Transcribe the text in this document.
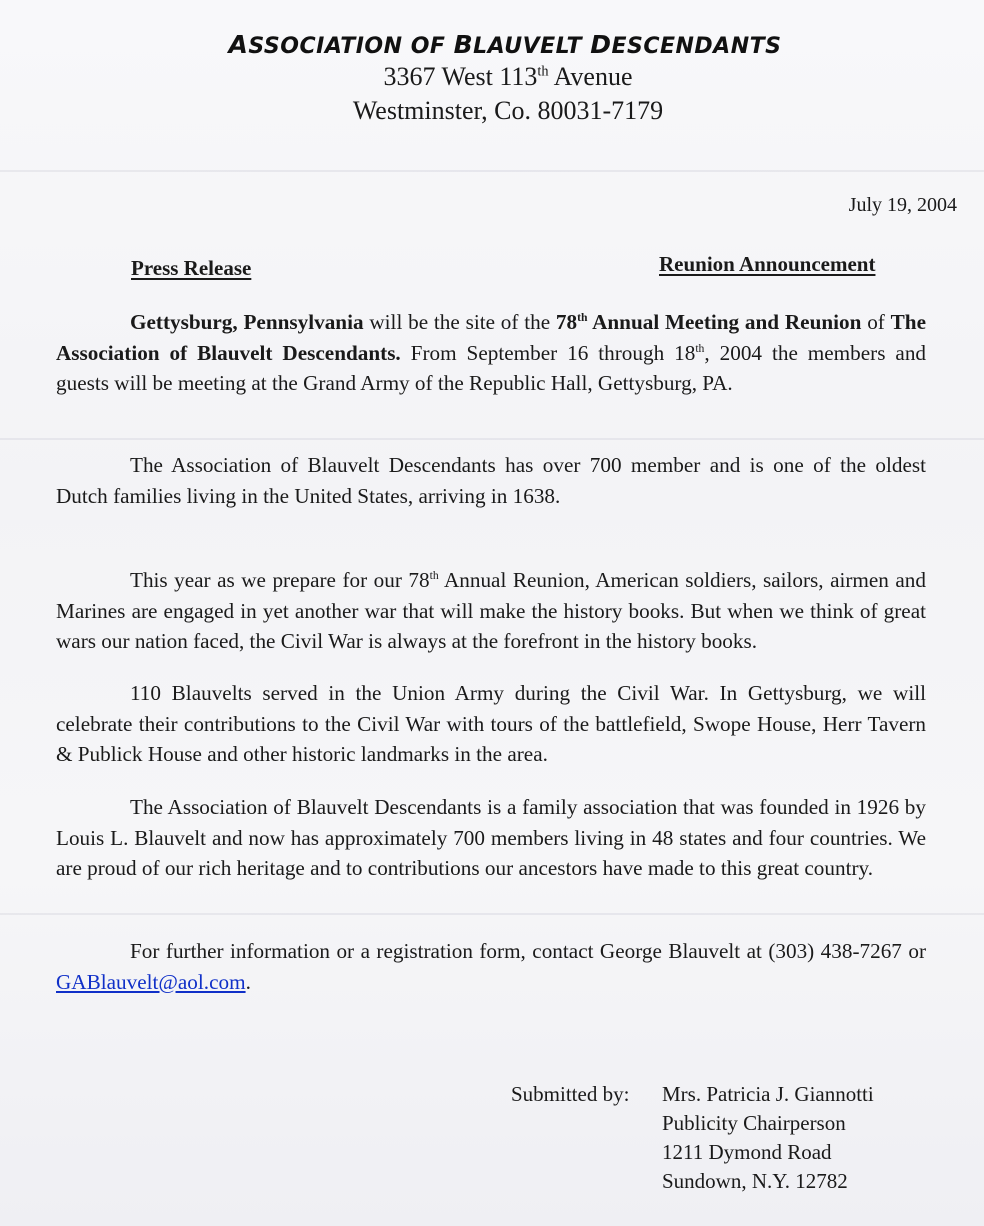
ASSOCIATION OF BLAUVELT DESCENDANTS
3367 West 113th Avenue
Westminster, Co. 80031-7179
July 19, 2004
Press Release	Reunion Announcement
Gettysburg, Pennsylvania will be the site of the 78th Annual Meeting and Reunion of The Association of Blauvelt Descendants. From September 16 through 18th, 2004 the members and guests will be meeting at the Grand Army of the Republic Hall, Gettysburg, PA.
The Association of Blauvelt Descendants has over 700 member and is one of the oldest Dutch families living in the United States, arriving in 1638.
This year as we prepare for our 78th Annual Reunion, American soldiers, sailors, airmen and Marines are engaged in yet another war that will make the history books. But when we think of great wars our nation faced, the Civil War is always at the forefront in the history books.
110 Blauvelts served in the Union Army during the Civil War. In Gettysburg, we will celebrate their contributions to the Civil War with tours of the battlefield, Swope House, Herr Tavern & Publick House and other historic landmarks in the area.
The Association of Blauvelt Descendants is a family association that was founded in 1926 by Louis L. Blauvelt and now has approximately 700 members living in 48 states and four countries. We are proud of our rich heritage and to contributions our ancestors have made to this great country.
For further information or a registration form, contact George Blauvelt at (303) 438-7267 or GABlauvelt@aol.com.
Submitted by: Mrs. Patricia J. Giannotti
Publicity Chairperson
1211 Dymond Road
Sundown, N.Y. 12782
